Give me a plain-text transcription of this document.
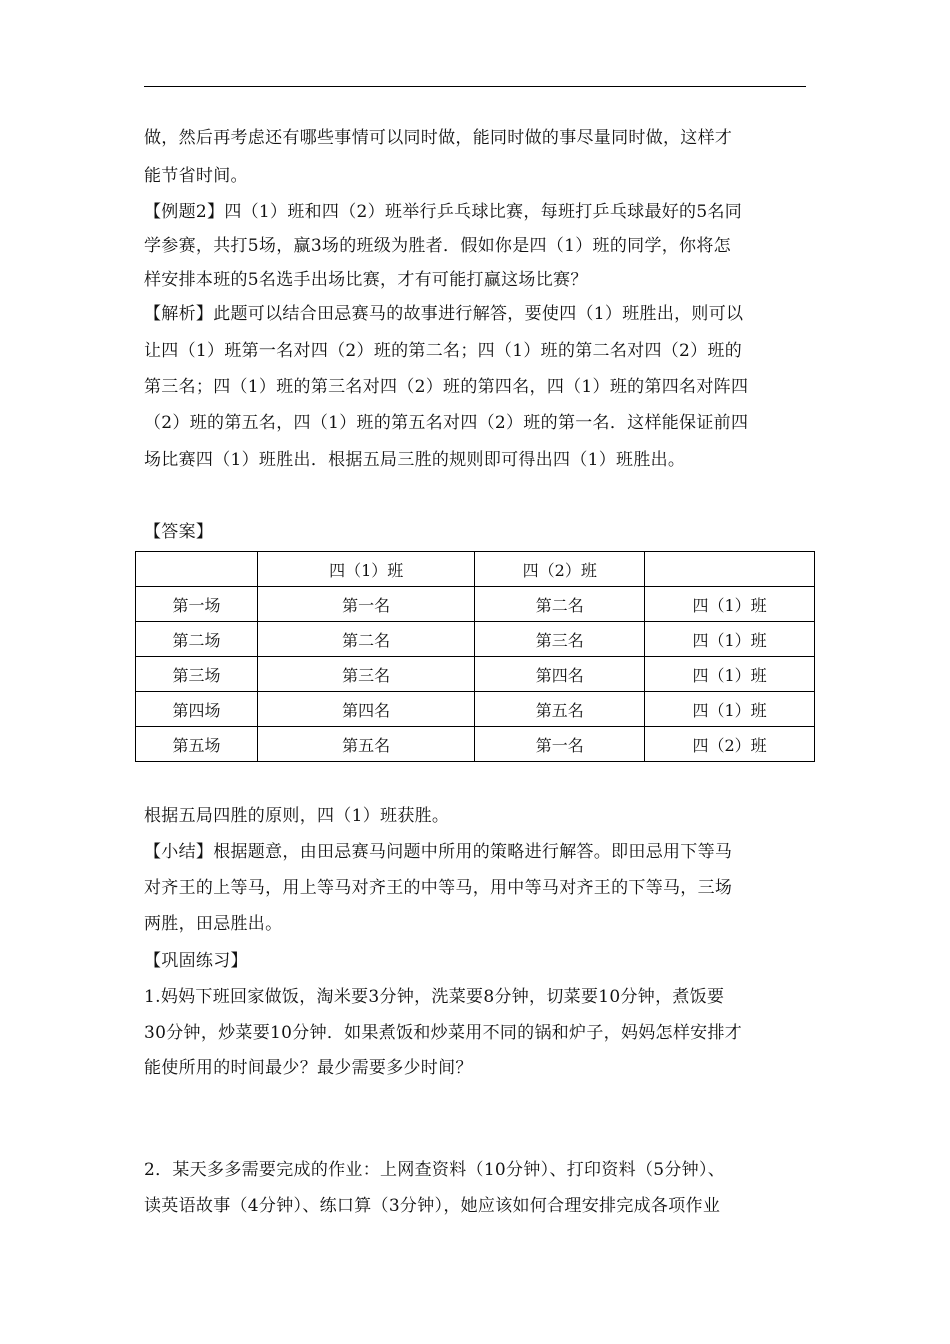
做，然后再考虑还有哪些事情可以同时做，能同时做的事尽量同时做，这样才
能节省时间。
【例题2】四（1）班和四（2）班举行乒乓球比赛，每班打乒乓球最好的5名同
学参赛，共打5场，赢3场的班级为胜者．假如你是四（1）班的同学，你将怎
样安排本班的5名选手出场比赛，才有可能打赢这场比赛？
【解析】此题可以结合田忌赛马的故事进行解答，要使四（1）班胜出，则可以
让四（1）班第一名对四（2）班的第二名；四（1）班的第二名对四（2）班的
第三名；四（1）班的第三名对四（2）班的第四名，四（1）班的第四名对阵四
（2）班的第五名，四（1）班的第五名对四（2）班的第一名．这样能保证前四
场比赛四（1）班胜出．根据五局三胜的规则即可得出四（1）班胜出。
【答案】
	四（1）班	四（2）班	
第一场	第一名	第二名	四（1）班
第二场	第二名	第三名	四（1）班
第三场	第三名	第四名	四（1）班
第四场	第四名	第五名	四（1）班
第五场	第五名	第一名	四（2）班
根据五局四胜的原则，四（1）班获胜。
【小结】根据题意，由田忌赛马问题中所用的策略进行解答。即田忌用下等马
对齐王的上等马，用上等马对齐王的中等马，用中等马对齐王的下等马，三场
两胜，田忌胜出。
【巩固练习】
1.妈妈下班回家做饭，淘米要3分钟，洗菜要8分钟，切菜要10分钟，煮饭要
30分钟，炒菜要10分钟．如果煮饭和炒菜用不同的锅和炉子，妈妈怎样安排才
能使所用的时间最少？最少需要多少时间？
2．某天多多需要完成的作业：上网查资料（10分钟）、打印资料（5分钟）、
读英语故事（4分钟）、练口算（3分钟），她应该如何合理安排完成各项作业
